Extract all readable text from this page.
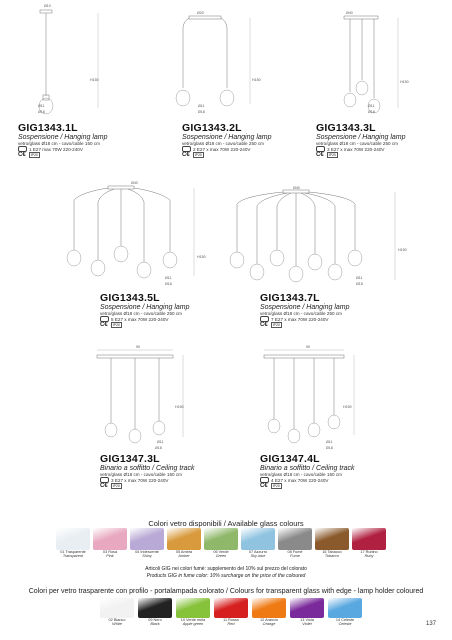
Ø10
H150
Ø11
Ø18
Ø20
H150
Ø11
Ø18
Ø40
H150
Ø11
Ø18
GIG1343.1L
Sospensione / Hanging lamp
vetro/glass Ø18 cm - cavo/cable 150 cm
1 E27 max 70W 220-240V
C€	IP20
GIG1343.2L
Sospensione / Hanging lamp
vetro/glass Ø18 cm - cavo/cable 250 cm
2 E27 x max 70W 220-240V
C€	IP20
GIG1343.3L
Sospensione / Hanging lamp
vetro/glass Ø18 cm - cavo/cable 250 cm
3 E27 x max 70W 220-240V
C€	IP20
Ø40
H150
Ø11
Ø18
Ø40
H150
Ø11
Ø18
GIG1343.5L
Sospensione / Hanging lamp
vetro/glass Ø18 cm - cavo/cable 250 cm
5 E27 x max 70W 220-240V
C€	IP20
GIG1343.7L
Sospensione / Hanging lamp
vetro/glass Ø18 cm - cavo/cable 250 cm
7 E27 x max 70W 220-240V
C€	IP20
90
H150
Ø11
Ø18
90
H150
Ø11
Ø18
GIG1347.3L
Binario a soffitto / Ceiling track
vetro/glass Ø18 cm - cavo/cable 150 cm
3 E27 x max 70W 220-240V
C€	IP20
GIG1347.4L
Binario a soffitto / Ceiling track
vetro/glass Ø18 cm - cavo/cable 150 cm
4 E27 x max 70W 220-240V
C€	IP20
Colori vetro disponibili / Available glass colours
01 Trasparente
Transparent
03 Rosa
Pink
04 Iridescente
Shiny
05 Ambra
Amber
06 Verde
Green
07 Azzurro
Sky-blue
08 Fumè
Fume
16 Tabacco
Tobacco
17 Rubino
Ruby
Articoli GIG nei colori fumè: supplemento del 10% sul prezzo del colorato
Products GIG in fume color: 10% surcharge on the price of the coloured
Colori per vetro trasparente con profilo - portalampada colorato / Colours for transparent glass with edge - lamp holder coloured
02 Bianco
White
09 Nero
Black
10 Verde mela
Apple green
11 Rosso
Red
12 Arancio
Orange
13 Viola
Violet
14 Celeste
Celeste	137
